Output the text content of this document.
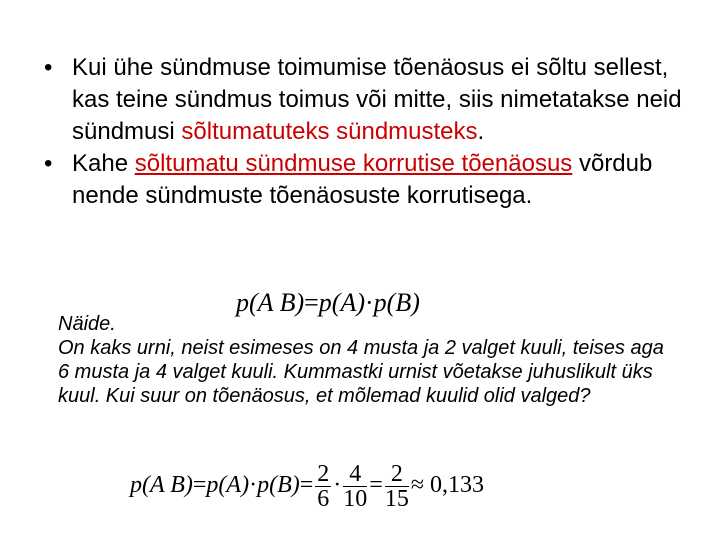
• Kui ühe sündmuse toimumise tõenäosus ei sõltu sellest, kas teine sündmus toimus või mitte, siis nimetatakse neid sündmusi sõltumatuteks sündmusteks.
• Kahe sõltumatu sündmuse korrutise tõenäosus võrdub nende sündmuste tõenäosuste korrutisega.
p(A B)=p(A)·p(B)
Näide.
On kaks urni, neist esimeses on 4 musta ja 2 valget kuuli, teises aga 6 musta ja 4 valget kuuli. Kummastki urnist võetakse juhuslikult üks kuul. Kui suur on tõenäosus, et mõlemad kuulid olid valged?
p(A $B)=p(A)\cdot p(B)= \frac{2}{6} \cdot \frac{4}{10} = \frac{2}{15} \approx 0,133$
